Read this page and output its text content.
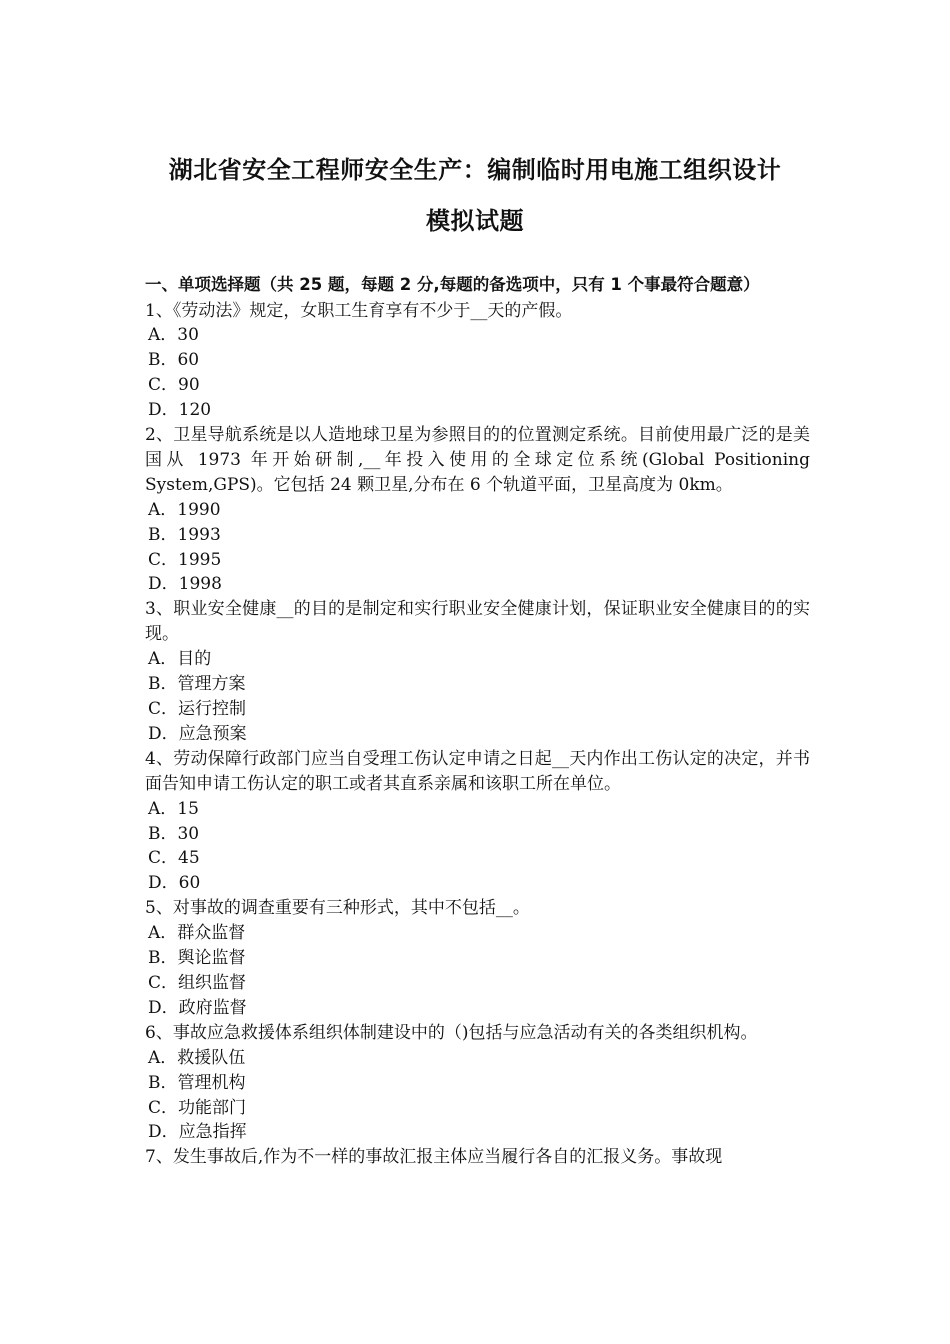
湖北省安全工程师安全生产：编制临时用电施工组织设计
模拟试题
一、单项选择题（共 25 题，每题 2 分,每题的备选项中，只有 1 个事最符合题意）
1、《劳动法》规定，女职工生育享有不少于__天的产假。
A．30
B．60
C．90
D．120
2、卫星导航系统是以人造地球卫星为参照目的的位置测定系统。目前使用最广泛的是美国从 1973 年开始研制,__年投入使用的全球定位系统(Global Positioning System,GPS)。它包括 24 颗卫星,分布在 6 个轨道平面，卫星高度为 0km。
A．1990
B．1993
C．1995
D．1998
3、职业安全健康__的目的是制定和实行职业安全健康计划，保证职业安全健康目的的实现。
A．目的
B．管理方案
C．运行控制
D．应急预案
4、劳动保障行政部门应当自受理工伤认定申请之日起__天内作出工伤认定的决定，并书面告知申请工伤认定的职工或者其直系亲属和该职工所在单位。
A．15
B．30
C．45
D．60
5、对事故的调查重要有三种形式，其中不包括__。
A．群众监督
B．舆论监督
C．组织监督
D．政府监督
6、事故应急救援体系组织体制建设中的（)包括与应急活动有关的各类组织机构。
A．救援队伍
B．管理机构
C．功能部门
D．应急指挥
7、发生事故后,作为不一样的事故汇报主体应当履行各自的汇报义务。事故现
